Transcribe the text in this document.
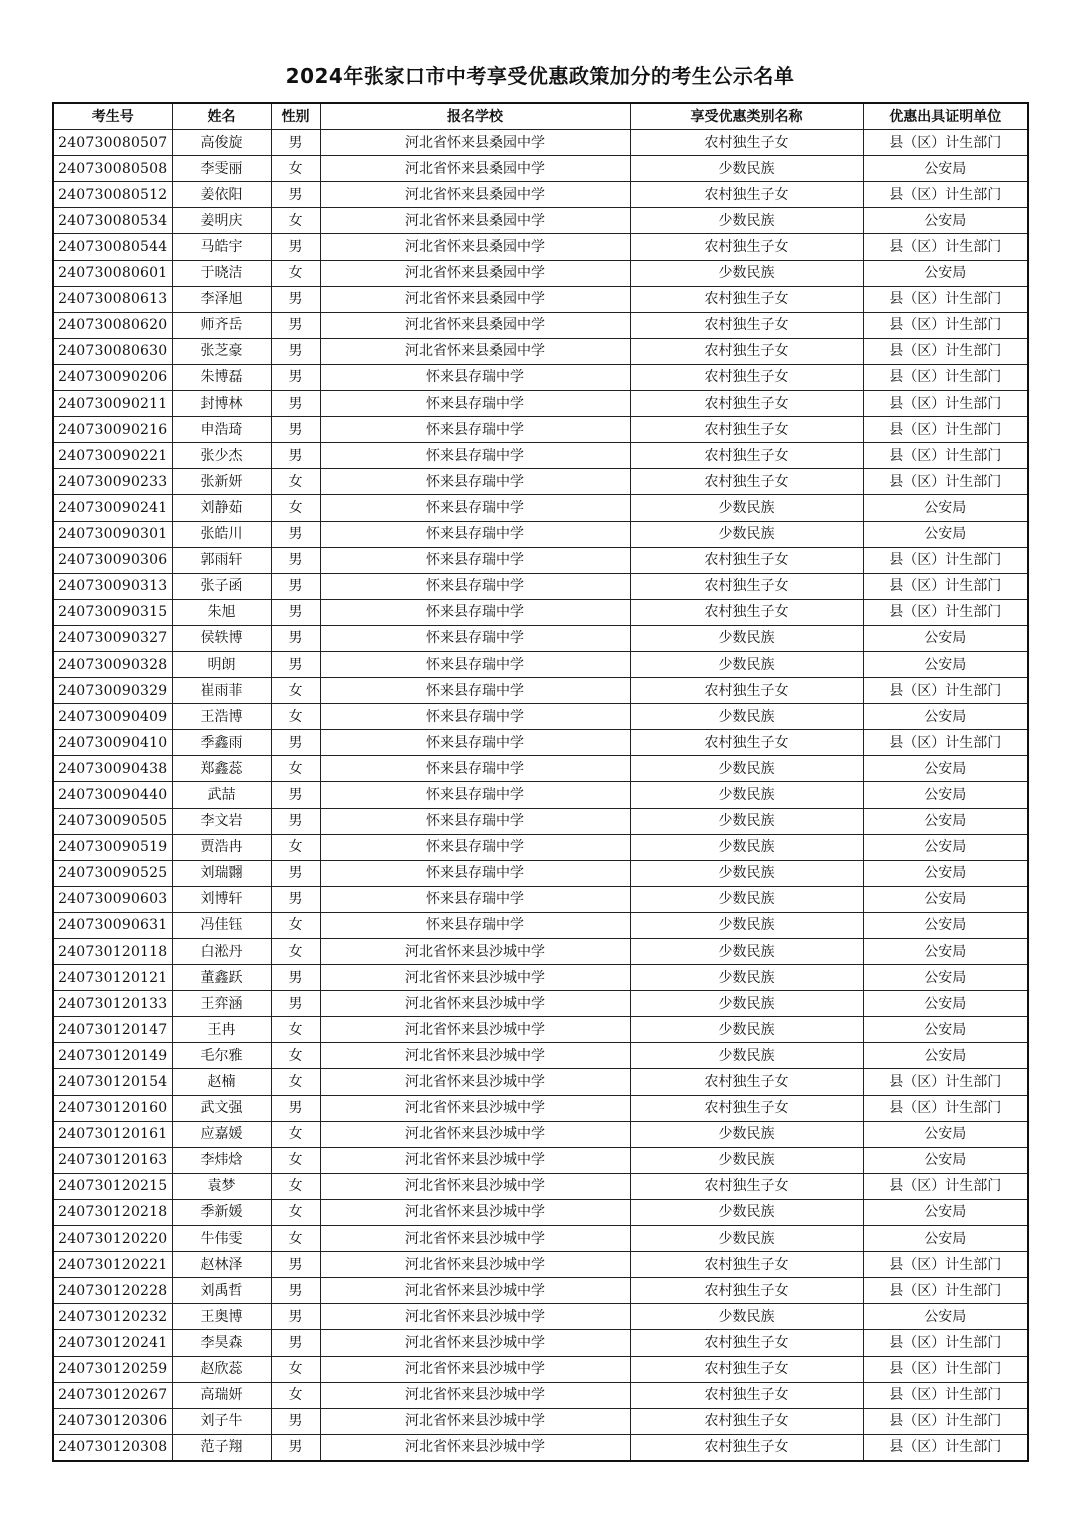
2024年张家口市中考享受优惠政策加分的考生公示名单
考生号	姓名	性别	报名学校	享受优惠类别名称	优惠出具证明单位
240730080507	高俊旋	男	河北省怀来县桑园中学	农村独生子女	县（区）计生部门
240730080508	李雯丽	女	河北省怀来县桑园中学	少数民族	公安局
240730080512	姜依阳	男	河北省怀来县桑园中学	农村独生子女	县（区）计生部门
240730080534	姜明庆	女	河北省怀来县桑园中学	少数民族	公安局
240730080544	马皓宇	男	河北省怀来县桑园中学	农村独生子女	县（区）计生部门
240730080601	于晓洁	女	河北省怀来县桑园中学	少数民族	公安局
240730080613	李泽旭	男	河北省怀来县桑园中学	农村独生子女	县（区）计生部门
240730080620	师齐岳	男	河北省怀来县桑园中学	农村独生子女	县（区）计生部门
240730080630	张芝豪	男	河北省怀来县桑园中学	农村独生子女	县（区）计生部门
240730090206	朱博磊	男	怀来县存瑞中学	农村独生子女	县（区）计生部门
240730090211	封博林	男	怀来县存瑞中学	农村独生子女	县（区）计生部门
240730090216	申浩琦	男	怀来县存瑞中学	农村独生子女	县（区）计生部门
240730090221	张少杰	男	怀来县存瑞中学	农村独生子女	县（区）计生部门
240730090233	张新妍	女	怀来县存瑞中学	农村独生子女	县（区）计生部门
240730090241	刘静茹	女	怀来县存瑞中学	少数民族	公安局
240730090301	张皓川	男	怀来县存瑞中学	少数民族	公安局
240730090306	郭雨轩	男	怀来县存瑞中学	农村独生子女	县（区）计生部门
240730090313	张子函	男	怀来县存瑞中学	农村独生子女	县（区）计生部门
240730090315	朱旭	男	怀来县存瑞中学	农村独生子女	县（区）计生部门
240730090327	侯轶博	男	怀来县存瑞中学	少数民族	公安局
240730090328	明朗	男	怀来县存瑞中学	少数民族	公安局
240730090329	崔雨菲	女	怀来县存瑞中学	农村独生子女	县（区）计生部门
240730090409	王浩博	女	怀来县存瑞中学	少数民族	公安局
240730090410	季鑫雨	男	怀来县存瑞中学	农村独生子女	县（区）计生部门
240730090438	郑鑫蕊	女	怀来县存瑞中学	少数民族	公安局
240730090440	武喆	男	怀来县存瑞中学	少数民族	公安局
240730090505	李文岩	男	怀来县存瑞中学	少数民族	公安局
240730090519	贾浩冉	女	怀来县存瑞中学	少数民族	公安局
240730090525	刘瑞翾	男	怀来县存瑞中学	少数民族	公安局
240730090603	刘博轩	男	怀来县存瑞中学	少数民族	公安局
240730090631	冯佳钰	女	怀来县存瑞中学	少数民族	公安局
240730120118	白淞丹	女	河北省怀来县沙城中学	少数民族	公安局
240730120121	董鑫跃	男	河北省怀来县沙城中学	少数民族	公安局
240730120133	王弈涵	男	河北省怀来县沙城中学	少数民族	公安局
240730120147	王冉	女	河北省怀来县沙城中学	少数民族	公安局
240730120149	毛尔雅	女	河北省怀来县沙城中学	少数民族	公安局
240730120154	赵楠	女	河北省怀来县沙城中学	农村独生子女	县（区）计生部门
240730120160	武文强	男	河北省怀来县沙城中学	农村独生子女	县（区）计生部门
240730120161	应嘉媛	女	河北省怀来县沙城中学	少数民族	公安局
240730120163	李炜焓	女	河北省怀来县沙城中学	少数民族	公安局
240730120215	袁梦	女	河北省怀来县沙城中学	农村独生子女	县（区）计生部门
240730120218	季新媛	女	河北省怀来县沙城中学	少数民族	公安局
240730120220	牛伟雯	女	河北省怀来县沙城中学	少数民族	公安局
240730120221	赵林泽	男	河北省怀来县沙城中学	农村独生子女	县（区）计生部门
240730120228	刘禹哲	男	河北省怀来县沙城中学	农村独生子女	县（区）计生部门
240730120232	王奥博	男	河北省怀来县沙城中学	少数民族	公安局
240730120241	李昊森	男	河北省怀来县沙城中学	农村独生子女	县（区）计生部门
240730120259	赵欣蕊	女	河北省怀来县沙城中学	农村独生子女	县（区）计生部门
240730120267	高瑞妍	女	河北省怀来县沙城中学	农村独生子女	县（区）计生部门
240730120306	刘子牛	男	河北省怀来县沙城中学	农村独生子女	县（区）计生部门
240730120308	范子翔	男	河北省怀来县沙城中学	农村独生子女	县（区）计生部门
